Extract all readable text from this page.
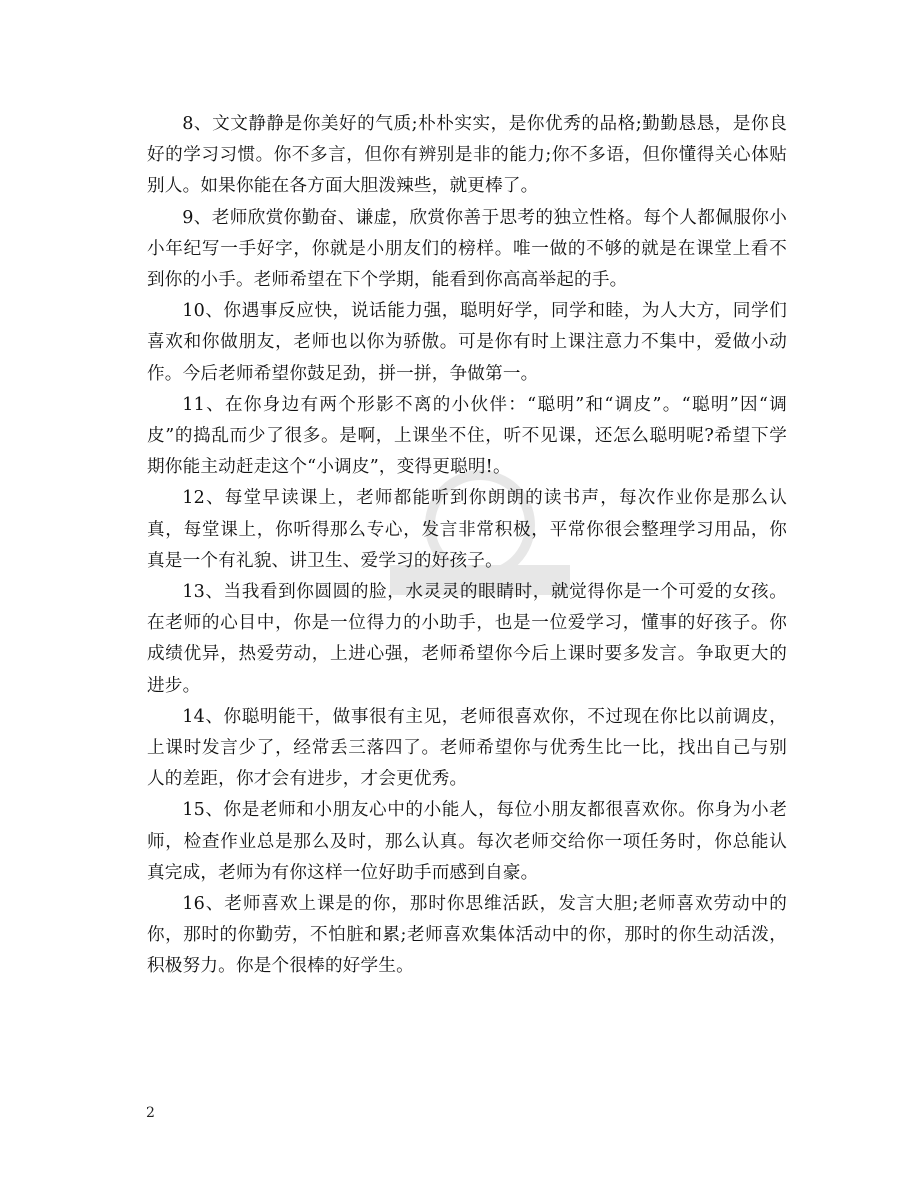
8、文文静静是你美好的气质;朴朴实实，是你优秀的品格;勤勤恳恳，是你良好的学习习惯。你不多言，但你有辨别是非的能力;你不多语，但你懂得关心体贴别人。如果你能在各方面大胆泼辣些，就更棒了。

9、老师欣赏你勤奋、谦虚，欣赏你善于思考的独立性格。每个人都佩服你小小年纪写一手好字，你就是小朋友们的榜样。唯一做的不够的就是在课堂上看不到你的小手。老师希望在下个学期，能看到你高高举起的手。

10、你遇事反应快，说话能力强，聪明好学，同学和睦，为人大方，同学们喜欢和你做朋友，老师也以你为骄傲。可是你有时上课注意力不集中，爱做小动作。今后老师希望你鼓足劲，拼一拼，争做第一。

11、在你身边有两个形影不离的小伙伴：“聪明”和“调皮”。“聪明”因“调皮”的捣乱而少了很多。是啊，上课坐不住，听不见课，还怎么聪明呢?希望下学期你能主动赶走这个“小调皮”，变得更聪明!。

12、每堂早读课上，老师都能听到你朗朗的读书声，每次作业你是那么认真，每堂课上，你听得那么专心，发言非常积极，平常你很会整理学习用品，你真是一个有礼貌、讲卫生、爱学习的好孩子。

13、当我看到你圆圆的脸，水灵灵的眼睛时，就觉得你是一个可爱的女孩。在老师的心目中，你是一位得力的小助手，也是一位爱学习，懂事的好孩子。你成绩优异，热爱劳动，上进心强，老师希望你今后上课时要多发言。争取更大的进步。

14、你聪明能干，做事很有主见，老师很喜欢你，不过现在你比以前调皮，上课时发言少了，经常丢三落四了。老师希望你与优秀生比一比，找出自己与别人的差距，你才会有进步，才会更优秀。

15、你是老师和小朋友心中的小能人，每位小朋友都很喜欢你。你身为小老师，检查作业总是那么及时，那么认真。每次老师交给你一项任务时，你总能认真完成，老师为有你这样一位好助手而感到自豪。

16、老师喜欢上课是的你，那时你思维活跃，发言大胆;老师喜欢劳动中的你，那时的你勤劳，不怕脏和累;老师喜欢集体活动中的你，那时的你生动活泼，积极努力。你是个很棒的好学生。

2
